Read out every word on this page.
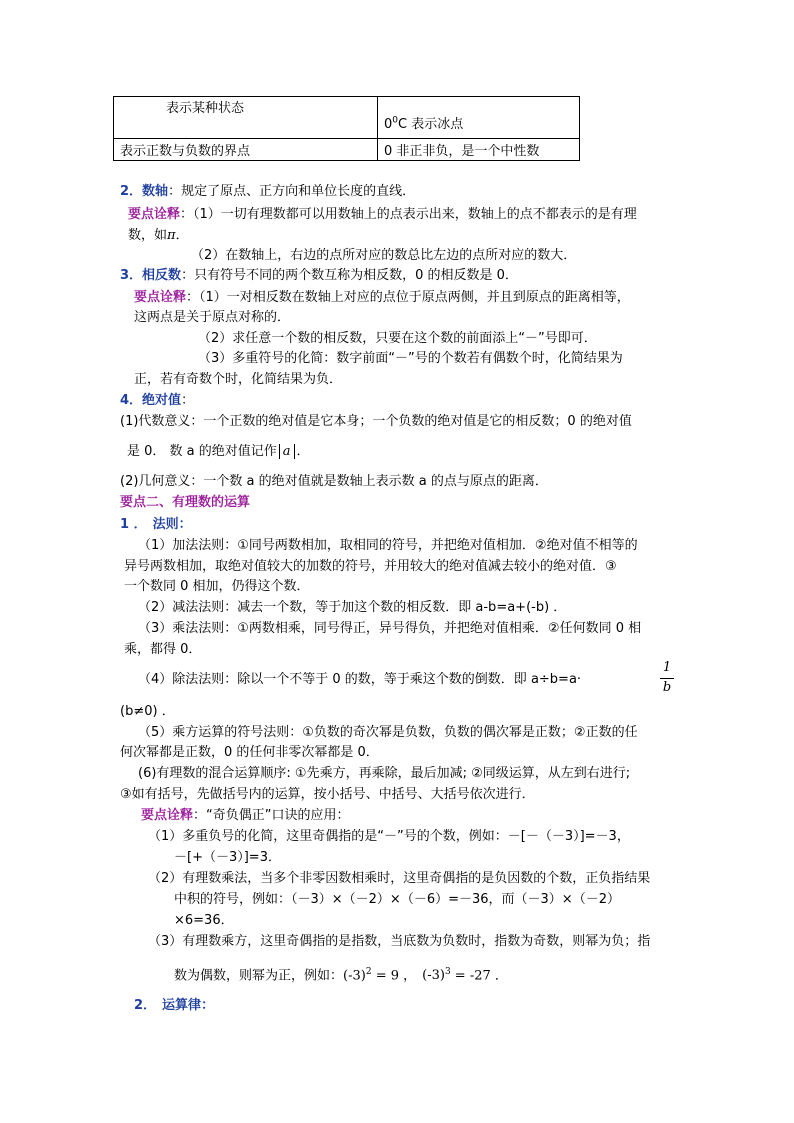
表示某种状态	$0^0C$ 表示冰点
表示正数与负数的界点	0 非正非负，是一个中性数
2．数轴：规定了原点、正方向和单位长度的直线．
要点诠释：（1）一切有理数都可以用数轴上的点表示出来，数轴上的点不都表示的是有理
数，如π．
（2）在数轴上，右边的点所对应的数总比左边的点所对应的数大．
3．相反数：只有符号不同的两个数互称为相反数，0 的相反数是 0．
要点诠释：（1）一对相反数在数轴上对应的点位于原点两侧，并且到原点的距离相等，
这两点是关于原点对称的．
（2）求任意一个数的相反数，只要在这个数的前面添上“－”号即可．
（3）多重符号的化简：数字前面“－”号的个数若有偶数个时，化简结果为
正，若有奇数个时，化简结果为负．
4．绝对值：
(1)代数意义：一个正数的绝对值是它本身；一个负数的绝对值是它的相反数；0 的绝对值
是 0． 数 a 的绝对值记作 a ．
(2)几何意义：一个数 a 的绝对值就是数轴上表示数 a 的点与原点的距离．
要点二、有理数的运算
1 ． 法则：
（1）加法法则：①同号两数相加，取相同的符号，并把绝对值相加．②绝对值不相等的
异号两数相加，取绝对值较大的加数的符号，并用较大的绝对值减去较小的绝对值．③
一个数同 0 相加，仍得这个数．
（2）减法法则：减去一个数，等于加这个数的相反数．即 a-b=a+(-b) ．
（3）乘法法则：①两数相乘，同号得正，异号得负，并把绝对值相乘．②任何数同 0 相
乘，都得 0．
（4）除法法则：除以一个不等于 0 的数，等于乘这个数的倒数．即 a÷b=a·
1
b
(b≠0) ．
（5）乘方运算的符号法则：①负数的奇次幂是负数，负数的偶次幂是正数；②正数的任
何次幂都是正数，0 的任何非零次幂都是 0．
(6)有理数的混合运算顺序: ①先乘方，再乘除，最后加减; ②同级运算，从左到右进行;
③如有括号，先做括号内的运算，按小括号、中括号、大括号依次进行．
要点诠释：“奇负偶正”口诀的应用：
（1）多重负号的化简，这里奇偶指的是“－”号的个数，例如：－[－（－3）]=－3，
－[+（－3）]=3．
（2）有理数乘法，当多个非零因数相乘时，这里奇偶指的是负因数的个数，正负指结果
中积的符号，例如：（－3）×（－2）×（－6）=－36，而（－3）×（－2）
×6=36．
（3）有理数乘方，这里奇偶指的是指数，当底数为负数时，指数为奇数，则幂为负；指
数为偶数，则幂为正，例如：$(-3)^2 = 9$ ， $(-3)^3 = -27$ ．
2． 运算律：
